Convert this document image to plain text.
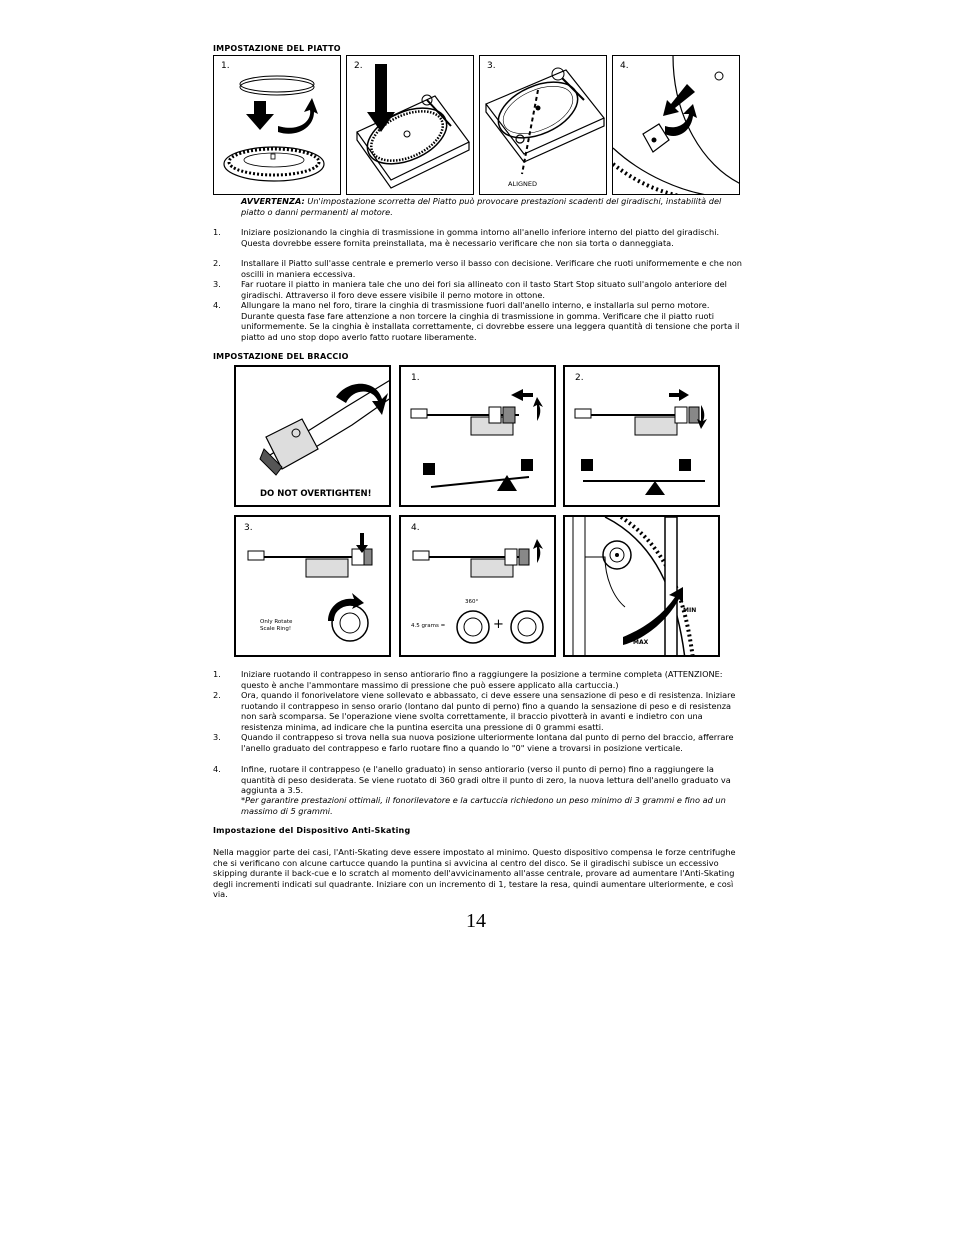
IMPOSTAZIONE DEL PIATTO
1.	2.	3.
ALIGNED
4.
AVVERTENZA: Un'impostazione scorretta del Piatto può provocare prestazioni scadenti del giradischi, instabilità del piatto o danni permanenti al motore.
1. Iniziare posizionando la cinghia di trasmissione in gomma intorno all'anello inferiore interno del piatto del giradischi. Questa dovrebbe essere fornita preinstallata, ma è necessario verificare che non sia torta o danneggiata.
2. Installare il Piatto sull'asse centrale e premerlo verso il basso con decisione. Verificare che ruoti uniformemente e che non oscilli in maniera eccessiva.
3. Far ruotare il piatto in maniera tale che uno dei fori sia allineato con il tasto Start Stop situato sull'angolo anteriore del giradischi. Attraverso il foro deve essere visibile il perno motore in ottone.
4. Allungare la mano nel foro, tirare la cinghia di trasmissione fuori dall'anello interno, e installarla sul perno motore. Durante questa fase fare attenzione a non torcere la cinghia di trasmissione in gomma. Verificare che il piatto ruoti uniformemente. Se la cinghia è installata correttamente, ci dovrebbe essere una leggera quantità di tensione che porta il piatto ad uno stop dopo averlo fatto ruotare liberamente.
IMPOSTAZIONE DEL BRACCIO
DO NOT OVERTIGHTEN!
1.	2.
3.
Only Rotate
Scale Ring!
4.
360°
4.5 grams =	+
MIN
MAX
1. Iniziare ruotando il contrappeso in senso antiorario fino a raggiungere la posizione a termine completa (ATTENZIONE: questo è anche l'ammontare massimo di pressione che può essere applicato alla cartuccia.)
2. Ora, quando il fonorivelatore viene sollevato e abbassato, ci deve essere una sensazione di peso e di resistenza. Iniziare ruotando il contrappeso in senso orario (lontano dal punto di perno) fino a quando la sensazione di peso e di resistenza non sarà scomparsa. Se l'operazione viene svolta correttamente, il braccio pivotterà in avanti e indietro con una resistenza minima, ad indicare che la puntina esercita una pressione di 0 grammi esatti.
3. Quando il contrappeso si trova nella sua nuova posizione ulteriormente lontana dal punto di perno del braccio, afferrare l'anello graduato del contrappeso e farlo ruotare fino a quando lo "0" viene a trovarsi in posizione verticale.
4. Infine, ruotare il contrappeso (e l'anello graduato) in senso antiorario (verso il punto di perno) fino a raggiungere la quantità di peso desiderata. Se viene ruotato di 360 gradi oltre il punto di zero, la nuova lettura dell'anello graduato va aggiunta a 3.5.
*Per garantire prestazioni ottimali, il fonorilevatore e la cartuccia richiedono un peso minimo di 3 grammi e fino ad un massimo di 5 grammi.
Impostazione del Dispositivo Anti-Skating
Nella maggior parte dei casi, l'Anti-Skating deve essere impostato al minimo. Questo dispositivo compensa le forze centrifughe che si verificano con alcune cartucce quando la puntina si avvicina al centro del disco. Se il giradischi subisce un eccessivo skipping durante il back-cue e lo scratch al momento dell'avvicinamento all'asse centrale, provare ad aumentare l'Anti-Skating degli incrementi indicati sul quadrante. Iniziare con un incremento di 1, testare la resa, quindi aumentare ulteriormente, e così via.
14
